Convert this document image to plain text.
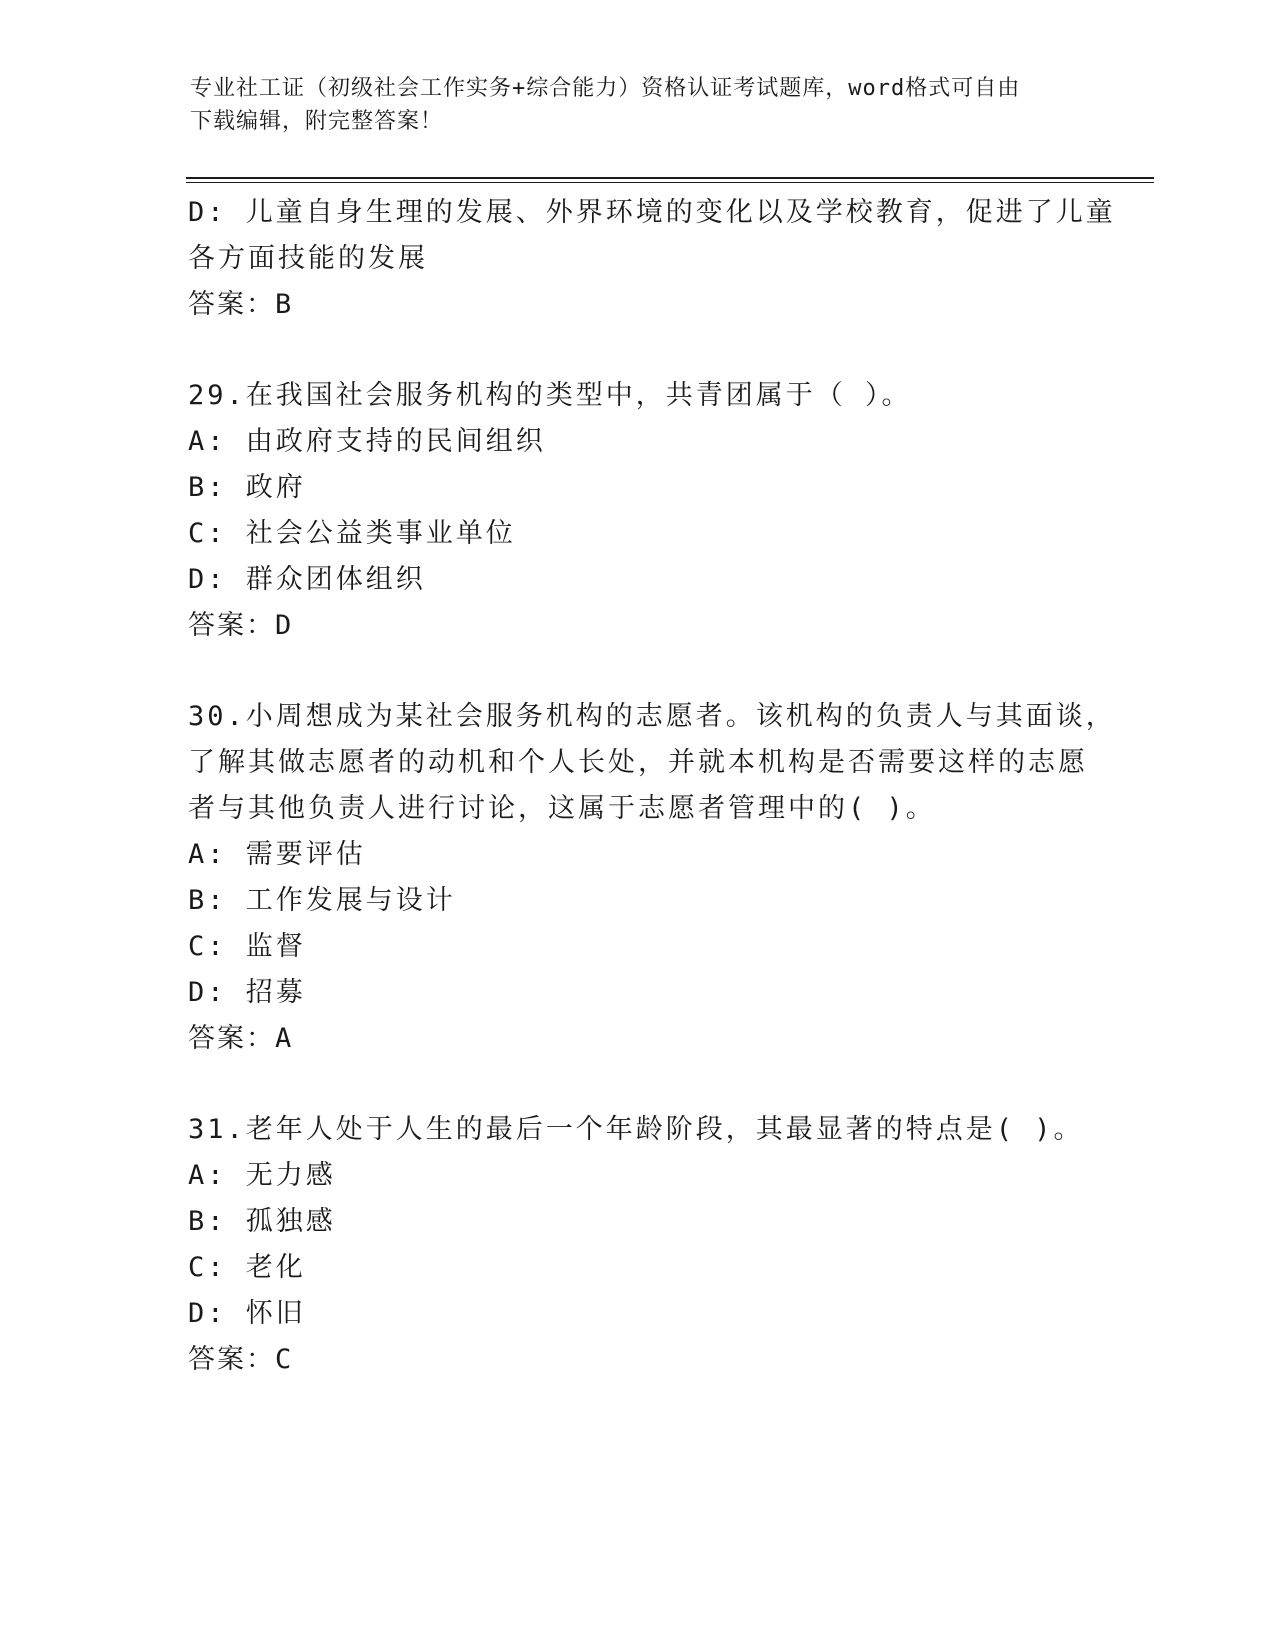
专业社工证（初级社会工作实务+综合能力）资格认证考试题库，word格式可自由
下载编辑，附完整答案！
D: 儿童自身生理的发展、外界环境的变化以及学校教育，促进了儿童
各方面技能的发展
答案：B
29.在我国社会服务机构的类型中，共青团属于（ ）。
A: 由政府支持的民间组织
B: 政府
C: 社会公益类事业单位
D: 群众团体组织
答案：D
30.小周想成为某社会服务机构的志愿者。该机构的负责人与其面谈，
了解其做志愿者的动机和个人长处，并就本机构是否需要这样的志愿
者与其他负责人进行讨论，这属于志愿者管理中的( )。
A: 需要评估
B: 工作发展与设计
C: 监督
D: 招募
答案：A
31.老年人处于人生的最后一个年龄阶段，其最显著的特点是( )。
A: 无力感
B: 孤独感
C: 老化
D: 怀旧
答案：C
